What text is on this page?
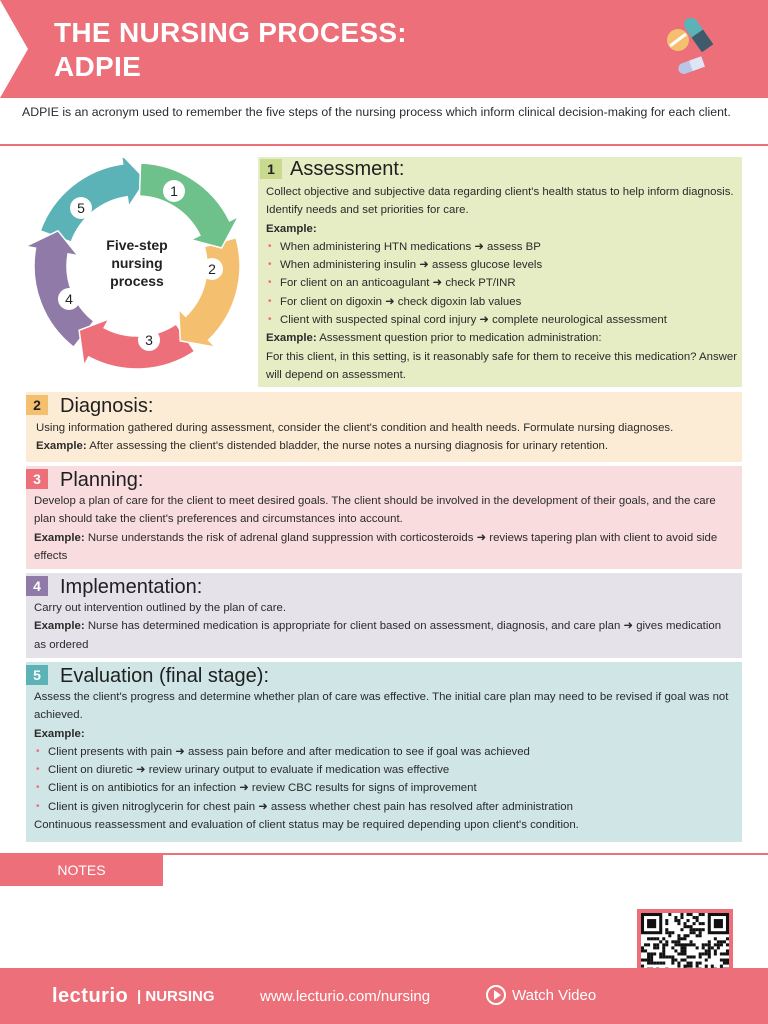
THE NURSING PROCESS:
ADPIE
ADPIE is an acronym used to remember the five steps of the nursing process which inform clinical decision-making for each client.
1
2
3
4
5
Five-step
nursing
process
1 Assessment:
Collect objective and subjective data regarding client's health status to help inform diagnosis. Identify needs and set priorities for care.
Example:
• When administering HTN medications ➜ assess BP
• When administering insulin ➜ assess glucose levels
• For client on an anticoagulant ➜ check PT/INR
• For client on digoxin ➜ check digoxin lab values
• Client with suspected spinal cord injury ➜ complete neurological assessment
Example: Assessment question prior to medication administration:
For this client, in this setting, is it reasonably safe for them to receive this medication? Answer will depend on assessment.
2 Diagnosis:
Using information gathered during assessment, consider the client's condition and health needs. Formulate nursing diagnoses.
Example: After assessing the client's distended bladder, the nurse notes a nursing diagnosis for urinary retention.
3 Planning:
Develop a plan of care for the client to meet desired goals. The client should be involved in the development of their goals, and the care plan should take the client's preferences and circumstances into account.
Example: Nurse understands the risk of adrenal gland suppression with corticosteroids ➜ reviews tapering plan with client to avoid side effects
4 Implementation:
Carry out intervention outlined by the plan of care.
Example: Nurse has determined medication is appropriate for client based on assessment, diagnosis, and care plan ➜ gives medication as ordered
5 Evaluation (final stage):
Assess the client's progress and determine whether plan of care was effective. The initial care plan may need to be revised if goal was not achieved.
Example:
• Client presents with pain ➜ assess pain before and after medication to see if goal was achieved
• Client on diuretic ➜ review urinary output to evaluate if medication was effective
• Client is on antibiotics for an infection ➜ review CBC results for signs of improvement
• Client is given nitroglycerin for chest pain ➜ assess whether chest pain has resolved after administration
Continuous reassessment and evaluation of client status may be required depending upon client's condition.
NOTES
lecturio | NURSING	www.lecturio.com/nursing	Watch Video
